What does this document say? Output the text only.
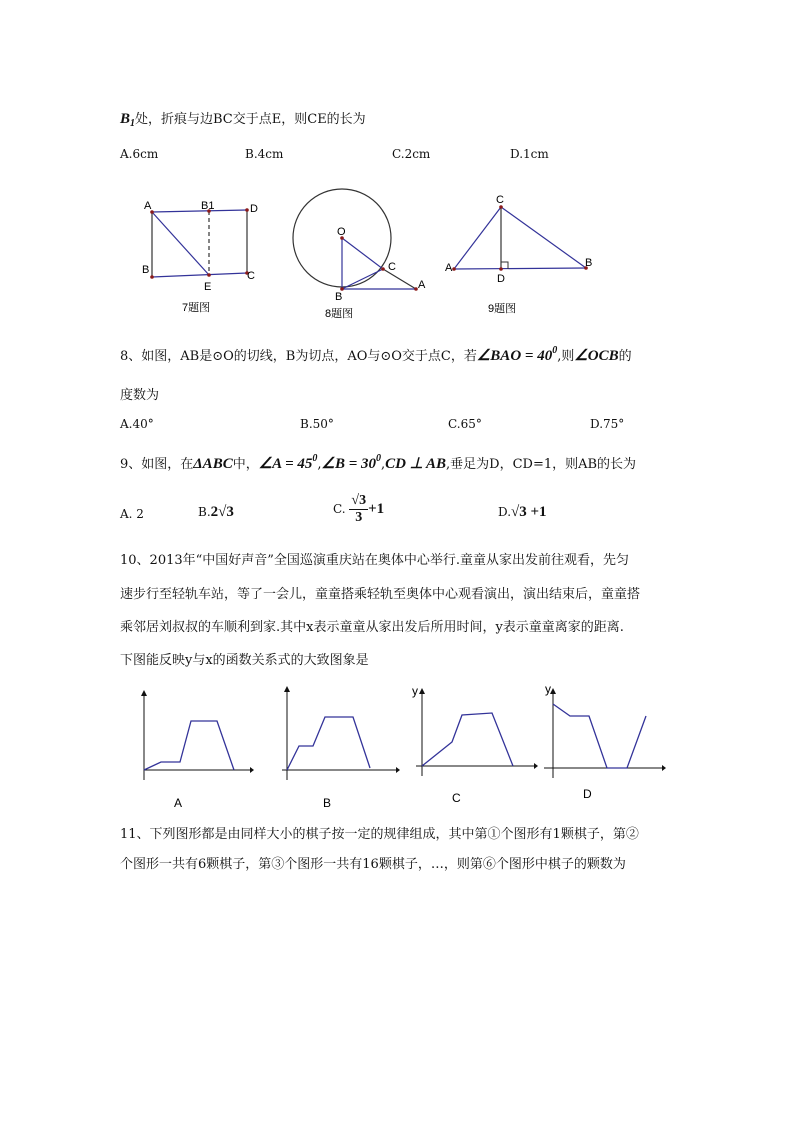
$B_1$处，折痕与边BC交于点E，则CE的长为
A.6cm	B.4cm	C.2cm	D.1cm
A	B1	D
B
E
C
7题图
O
C
A
B
8题图
C
A
D
B
9题图
8、如图，AB是⊙O的切线，B为切点，AO与⊙O交于点C，若∠BAO = $40^0$,则∠OCB的
度数为
A.40°	B.50°	C.65°	D.75°
9、如图，在ΔABC中，∠A = $45^0,\angle B = 30^0,CD$ ⊥ AB,垂足为D，CD=1，则AB的长为
A. 2	B.2√3	C. $\frac{√3}{3} +1$	D.√3 +1
10、2013年“中国好声音”全国巡演重庆站在奥体中心举行.童童从家出发前往观看，先匀
速步行至轻轨车站，等了一会儿，童童搭乘轻轨至奥体中心观看演出，演出结束后，童童搭
乘邻居刘叔叔的车顺利到家.其中x表示童童从家出发后所用时间，y表示童童离家的距离.
下图能反映y与x的函数关系式的大致图象是
A	B
y
C
y
D
11、下列图形都是由同样大小的棋子按一定的规律组成，其中第①个图形有1颗棋子，第②
个图形一共有6颗棋子，第③个图形一共有16颗棋子，…，则第⑥个图形中棋子的颗数为
